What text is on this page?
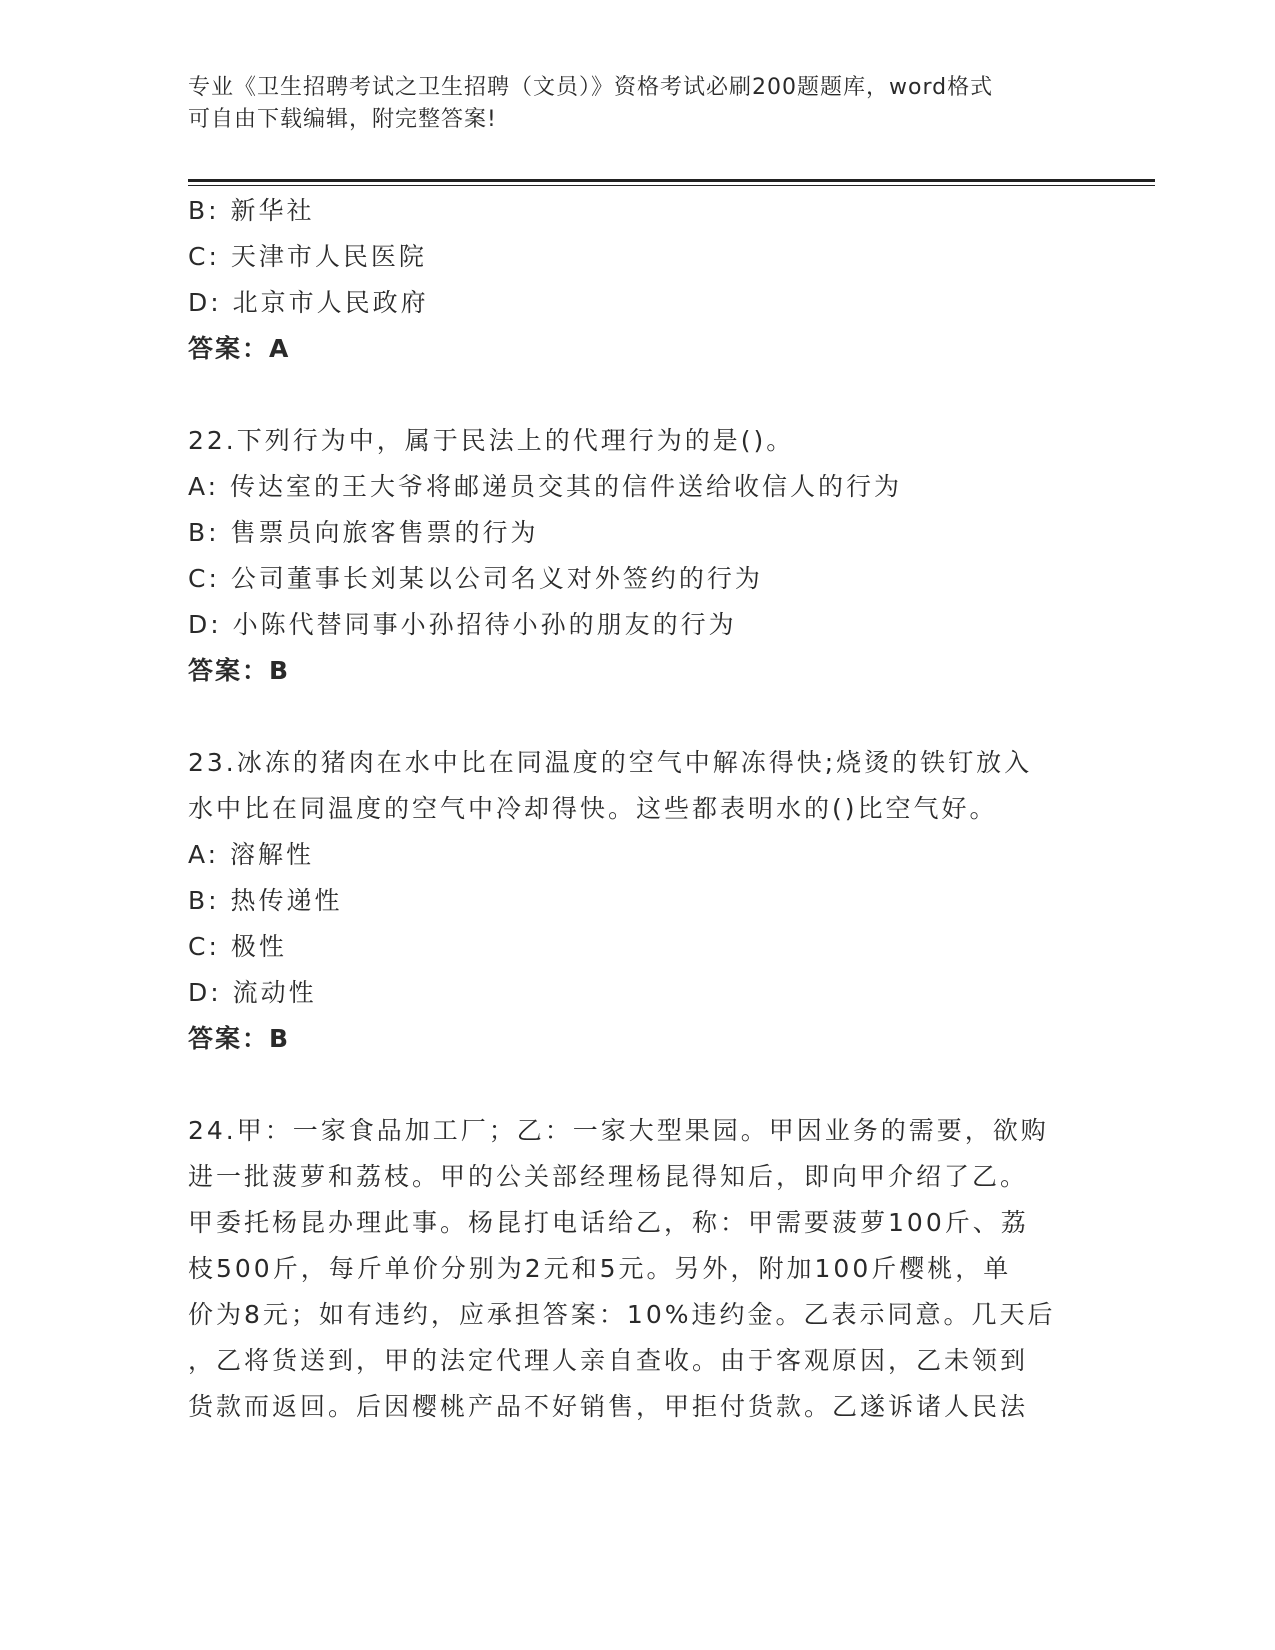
专业《卫生招聘考试之卫生招聘（文员）》资格考试必刷200题题库，word格式
可自由下载编辑，附完整答案!
B: 新华社
C: 天津市人民医院
D: 北京市人民政府
答案：A
22.下列行为中，属于民法上的代理行为的是()。
A: 传达室的王大爷将邮递员交其的信件送给收信人的行为
B: 售票员向旅客售票的行为
C: 公司董事长刘某以公司名义对外签约的行为
D: 小陈代替同事小孙招待小孙的朋友的行为
答案：B
23.冰冻的猪肉在水中比在同温度的空气中解冻得快;烧烫的铁钉放入
水中比在同温度的空气中冷却得快。这些都表明水的()比空气好。
A: 溶解性
B: 热传递性
C: 极性
D: 流动性
答案：B
24.甲：一家食品加工厂；乙：一家大型果园。甲因业务的需要，欲购
进一批菠萝和荔枝。甲的公关部经理杨昆得知后，即向甲介绍了乙。
甲委托杨昆办理此事。杨昆打电话给乙，称：甲需要菠萝100斤、荔
枝500斤，每斤单价分别为2元和5元。另外，附加100斤樱桃，单
价为8元；如有违约，应承担答案：10%违约金。乙表示同意。几天后
，乙将货送到，甲的法定代理人亲自查收。由于客观原因，乙未领到
货款而返回。后因樱桃产品不好销售，甲拒付货款。乙遂诉诸人民法
